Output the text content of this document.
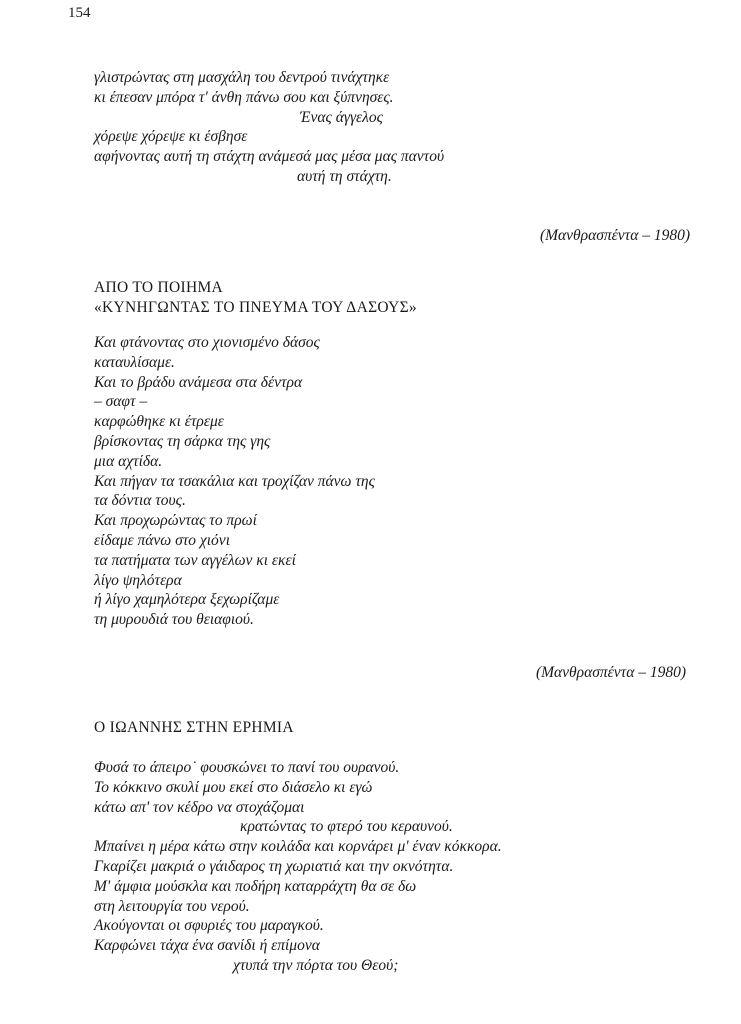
154
γλιστρώντας στη μασχάλη του δεντρού τινάχτηκε
κι έπεσαν μπόρα τ' άνθη πάνω σου και ξύπνησες.
Ένας άγγελος
χόρεψε χόρεψε κι έσβησε
αφήνοντας αυτή τη στάχτη ανάμεσά μας μέσα μας παντού
αυτή τη στάχτη.
(Μανθρασπέντα – 1980)
ΑΠΟ ΤΟ ΠΟΙΗΜΑ
«ΚΥΝΗΓΩΝΤΑΣ ΤΟ ΠΝΕΥΜΑ ΤΟΥ ΔΑΣΟΥΣ»
Και φτάνοντας στο χιονισμένο δάσος
καταυλίσαμε.
Και το βράδυ ανάμεσα στα δέντρα
– σαφτ –
καρφώθηκε κι έτρεμε
βρίσκοντας τη σάρκα της γης
μια αχτίδα.
Και πήγαν τα τσακάλια και τροχίζαν πάνω της
τα δόντια τους.
Και προχωρώντας το πρωί
είδαμε πάνω στο χιόνι
τα πατήματα των αγγέλων κι εκεί
λίγο ψηλότερα
ή λίγο χαμηλότερα ξεχωρίζαμε
τη μυρουδιά του θειαφιού.
(Μανθρασπέντα – 1980)
Ο ΙΩΑΝΝΗΣ ΣΤΗΝ ΕΡΗΜΙΑ
Φυσά το άπειρο˙ φουσκώνει το πανί του ουρανού.
Το κόκκινο σκυλί μου εκεί στο διάσελο κι εγώ
κάτω απ' τον κέδρο να στοχάζομαι
κρατώντας το φτερό του κεραυνού.
Μπαίνει η μέρα κάτω στην κοιλάδα και κορνάρει μ' έναν κόκκορα.
Γκαρίζει μακριά ο γάιδαρος τη χωριατιά και την οκνότητα.
Μ' άμφια μούσκλα και ποδήρη καταρράχτη θα σε δω
στη λειτουργία του νερού.
Ακούγονται οι σφυριές του μαραγκού.
Καρφώνει τάχα ένα σανίδι ή επίμονα
χτυπά την πόρτα του Θεού;
